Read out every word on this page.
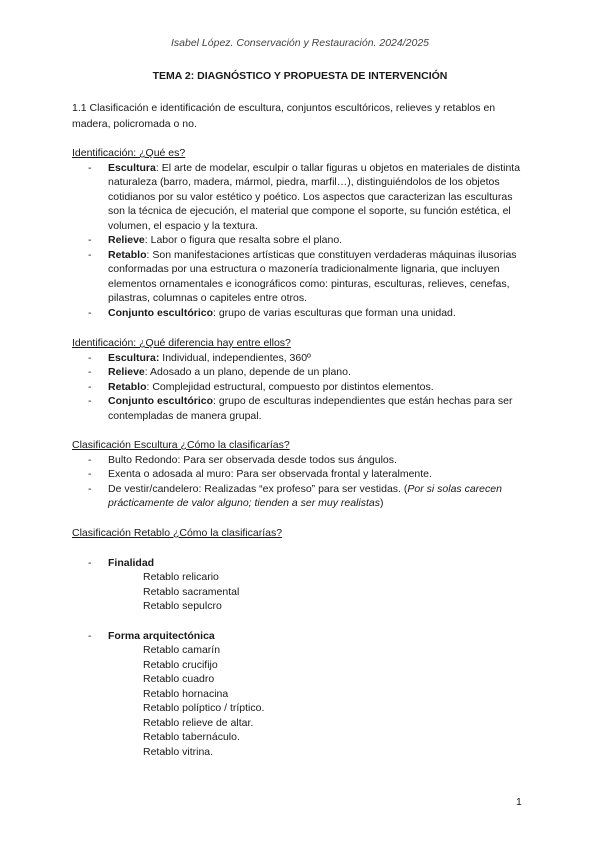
Isabel López. Conservación y Restauración. 2024/2025
TEMA 2: DIAGNÓSTICO Y PROPUESTA DE INTERVENCIÓN
1.1 Clasificación e identificación de escultura, conjuntos escultóricos, relieves y retablos en madera, policromada o no.

Identificación: ¿Qué es?

- Escultura: El arte de modelar, esculpir o tallar figuras u objetos en materiales de distinta naturaleza (barro, madera, mármol, piedra, marfil…), distinguiéndolos de los objetos cotidianos por su valor estético y poético. Los aspectos que caracterizan las esculturas son la técnica de ejecución, el material que compone el soporte, su función estética, el volumen, el espacio y la textura.
- Relieve: Labor o figura que resalta sobre el plano.
- Retablo: Son manifestaciones artísticas que constituyen verdaderas máquinas ilusorias conformadas por una estructura o mazonería tradicionalmente lignaria, que incluyen elementos ornamentales e iconográficos como: pinturas, esculturas, relieves, cenefas, pilastras, columnas o capiteles entre otros.
- Conjunto escultórico: grupo de varias esculturas que forman una unidad.

Identificación: ¿Qué diferencia hay entre ellos?

- Escultura: Individual, independientes, 360º
- Relieve: Adosado a un plano, depende de un plano.
- Retablo: Complejidad estructural, compuesto por distintos elementos.
- Conjunto escultórico: grupo de esculturas independientes que están hechas para ser contempladas de manera grupal.

Clasificación Escultura ¿Cómo la clasificarías?

- Bulto Redondo: Para ser observada desde todos sus ángulos.
- Exenta o adosada al muro: Para ser observada frontal y lateralmente.
- De vestir/candelero: Realizadas “ex profeso” para ser vestidas. (Por si solas carecen prácticamente de valor alguno; tienden a ser muy realistas)

Clasificación Retablo ¿Cómo la clasificarías?

- Finalidad
- Retablo relicario
- Retablo sacramental
- Retablo sepulcro
- Forma arquitectónica
- Retablo camarín
- Retablo crucifijo
- Retablo cuadro
- Retablo hornacina
- Retablo políptico / tríptico.
- Retablo relieve de altar.
- Retablo tabernáculo.
- Retablo vitrina.
1
